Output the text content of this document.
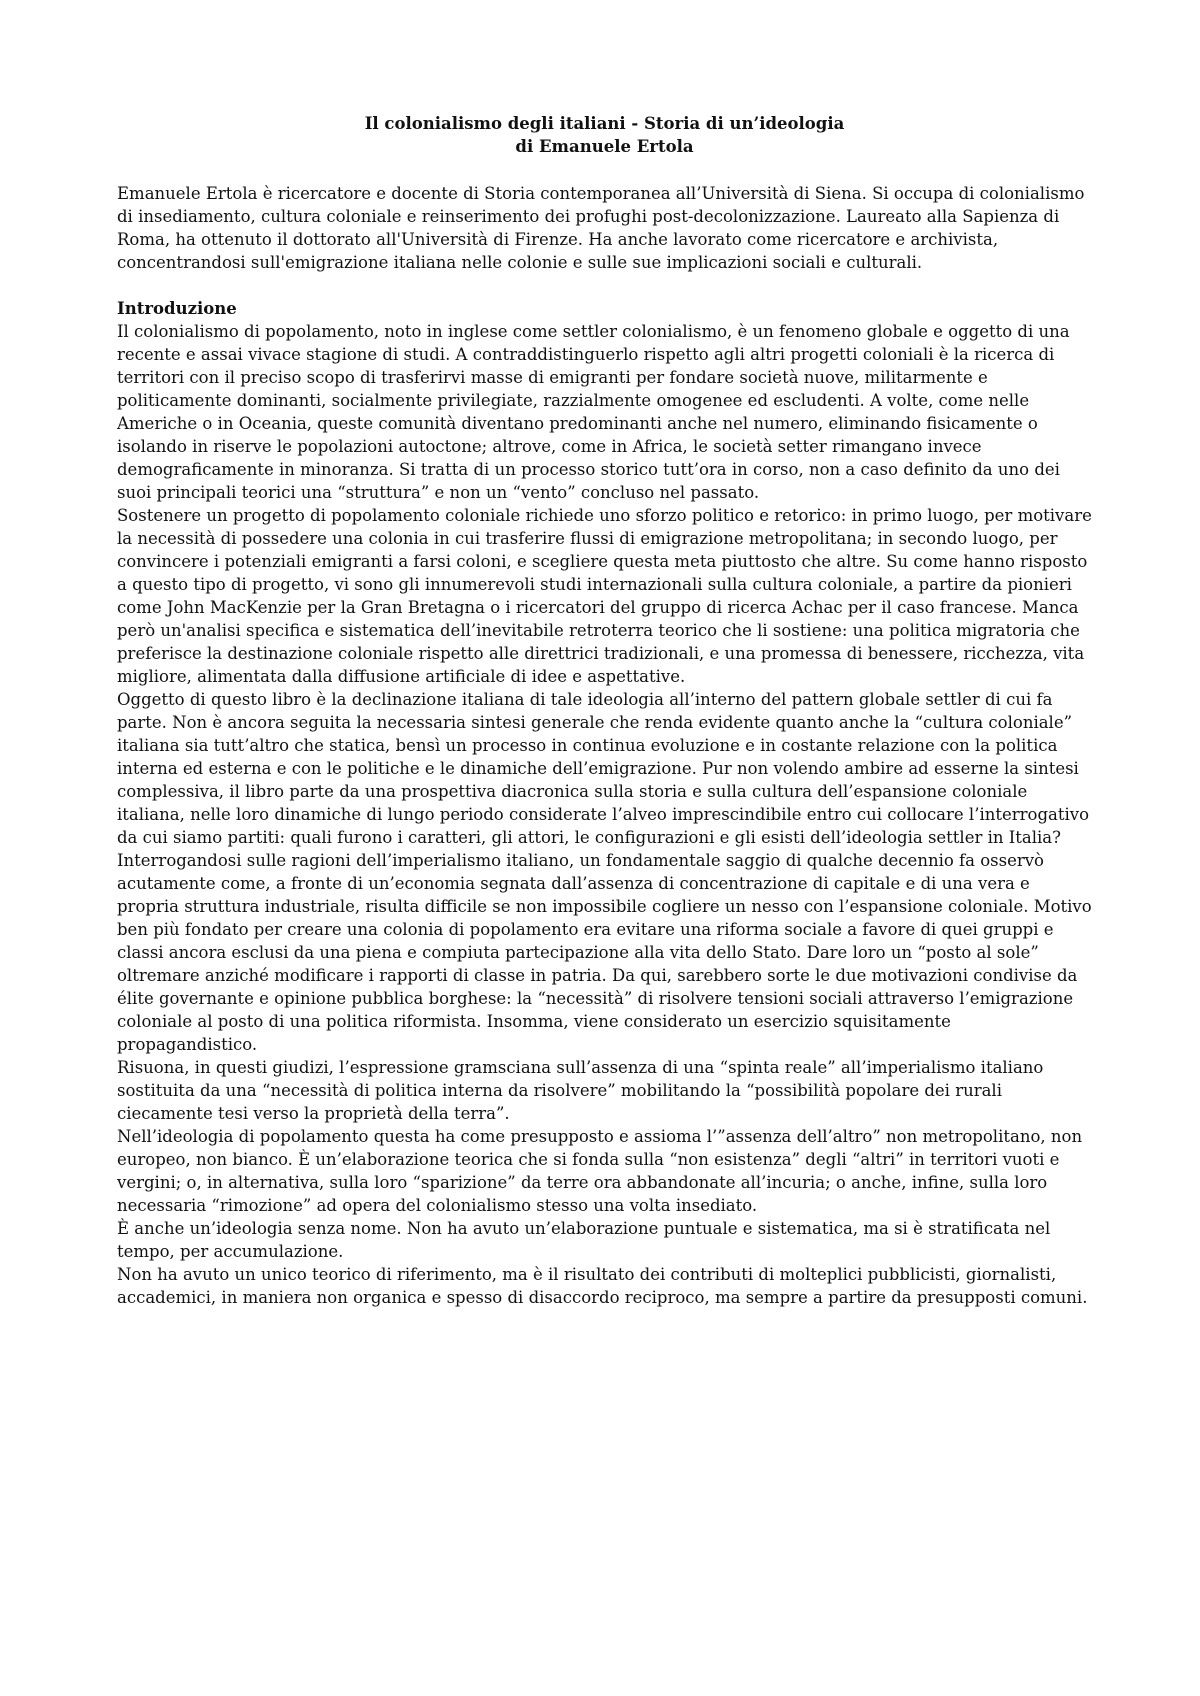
Il colonialismo degli italiani - Storia di un’ideologia
di Emanuele Ertola

Emanuele Ertola è ricercatore e docente di Storia contemporanea all’Università di Siena. Si occupa di colonialismo di insediamento, cultura coloniale e reinserimento dei profughi post-decolonizzazione. Laureato alla Sapienza di Roma, ha ottenuto il dottorato all'Università di Firenze. Ha anche lavorato come ricercatore e archivista, concentrandosi sull'emigrazione italiana nelle colonie e sulle sue implicazioni sociali e culturali.

Introduzione

Il colonialismo di popolamento, noto in inglese come settler colonialismo, è un fenomeno globale e oggetto di una recente e assai vivace stagione di studi. A contraddistinguerlo rispetto agli altri progetti coloniali è la ricerca di territori con il preciso scopo di trasferirvi masse di emigranti per fondare società nuove, militarmente e politicamente dominanti, socialmente privilegiate, razzialmente omogenee ed escludenti. A volte, come nelle Americhe o in Oceania, queste comunità diventano predominanti anche nel numero, eliminando fisicamente o isolando in riserve le popolazioni autoctone; altrove, come in Africa, le società setter rimangano invece demograficamente in minoranza. Si tratta di un processo storico tutt’ora in corso, non a caso definito da uno dei suoi principali teorici una “struttura” e non un “vento” concluso nel passato.

Sostenere un progetto di popolamento coloniale richiede uno sforzo politico e retorico: in primo luogo, per motivare la necessità di possedere una colonia in cui trasferire flussi di emigrazione metropolitana; in secondo luogo, per convincere i potenziali emigranti a farsi coloni, e scegliere questa meta piuttosto che altre. Su come hanno risposto a questo tipo di progetto, vi sono gli innumerevoli studi internazionali sulla cultura coloniale, a partire da pionieri come John MacKenzie per la Gran Bretagna o i ricercatori del gruppo di ricerca Achac per il caso francese. Manca però un'analisi specifica e sistematica dell’inevitabile retroterra teorico che li sostiene: una politica migratoria che preferisce la destinazione coloniale rispetto alle direttrici tradizionali, e una promessa di benessere, ricchezza, vita migliore, alimentata dalla diffusione artificiale di idee e aspettative.

Oggetto di questo libro è la declinazione italiana di tale ideologia all’interno del pattern globale settler di cui fa parte. Non è ancora seguita la necessaria sintesi generale che renda evidente quanto anche la “cultura coloniale” italiana sia tutt’altro che statica, bensì un processo in continua evoluzione e in costante relazione con la politica interna ed esterna e con le politiche e le dinamiche dell’emigrazione. Pur non volendo ambire ad esserne la sintesi complessiva, il libro parte da una prospettiva diacronica sulla storia e sulla cultura dell’espansione coloniale italiana, nelle loro dinamiche di lungo periodo considerate l’alveo imprescindibile entro cui collocare l’interrogativo da cui siamo partiti: quali furono i caratteri, gli attori, le configurazioni e gli esisti dell’ideologia settler in Italia?

Interrogandosi sulle ragioni dell’imperialismo italiano, un fondamentale saggio di qualche decennio fa osservò acutamente come, a fronte di un’economia segnata dall’assenza di concentrazione di capitale e di una vera e propria struttura industriale, risulta difficile se non impossibile cogliere un nesso con l’espansione coloniale. Motivo ben più fondato per creare una colonia di popolamento era evitare una riforma sociale a favore di quei gruppi e classi ancora esclusi da una piena e compiuta partecipazione alla vita dello Stato. Dare loro un “posto al sole” oltremare anziché modificare i rapporti di classe in patria. Da qui, sarebbero sorte le due motivazioni condivise da élite governante e opinione pubblica borghese: la “necessità” di risolvere tensioni sociali attraverso l’emigrazione coloniale al posto di una politica riformista. Insomma, viene considerato un esercizio squisitamente propagandistico.

Risuona, in questi giudizi, l’espressione gramsciana sull’assenza di una “spinta reale” all’imperialismo italiano sostituita da una “necessità di politica interna da risolvere” mobilitando la “possibilità popolare dei rurali ciecamente tesi verso la proprietà della terra”.

Nell’ideologia di popolamento questa ha come presupposto e assioma l’”assenza dell’altro” non metropolitano, non europeo, non bianco. È un’elaborazione teorica che si fonda sulla “non esistenza” degli “altri” in territori vuoti e vergini; o, in alternativa, sulla loro “sparizione” da terre ora abbandonate all’incuria; o anche, infine, sulla loro necessaria “rimozione” ad opera del colonialismo stesso una volta insediato.

È anche un’ideologia senza nome. Non ha avuto un’elaborazione puntuale e sistematica, ma si è stratificata nel tempo, per accumulazione.

Non ha avuto un unico teorico di riferimento, ma è il risultato dei contributi di molteplici pubblicisti, giornalisti, accademici, in maniera non organica e spesso di disaccordo reciproco, ma sempre a partire da presupposti comuni.
